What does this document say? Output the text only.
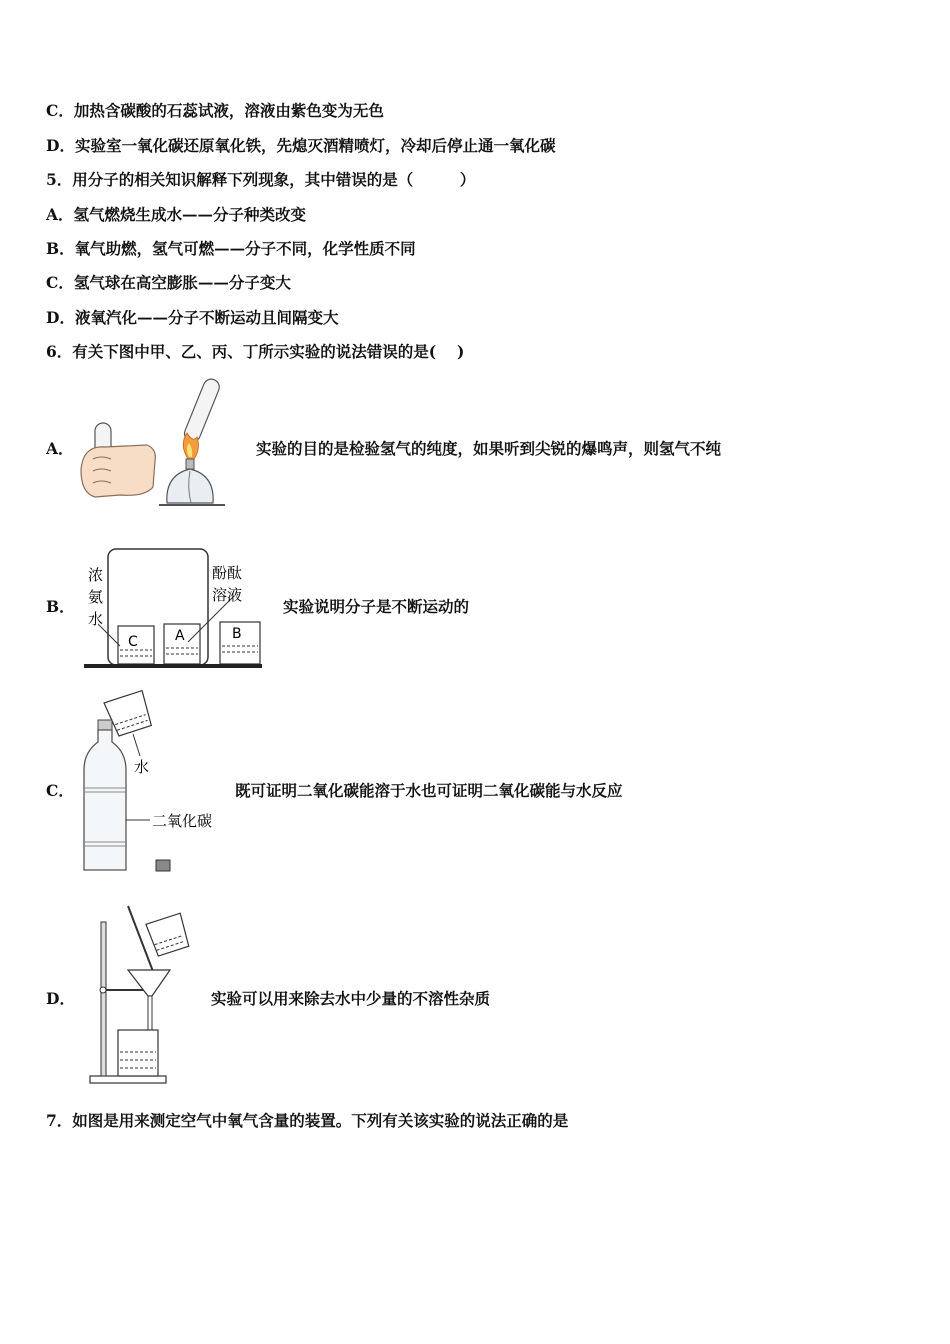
C．加热含碳酸的石蕊试液，溶液由紫色变为无色
D．实验室一氧化碳还原氧化铁，先熄灭酒精喷灯，冷却后停止通一氧化碳
5．用分子的相关知识解释下列现象，其中错误的是（　　　）
A．氢气燃烧生成水——分子种类改变
B．氧气助燃，氢气可燃——分子不同，化学性质不同
C．氢气球在高空膨胀——分子变大
D．液氧汽化——分子不断运动且间隔变大
6．有关下图中甲、乙、丙、丁所示实验的说法错误的是(　 )
A．	实验的目的是检验氢气的纯度，如果听到尖锐的爆鸣声，则氢气不纯
B．
C	A	B
浓
氨
水
酚酞
溶液
实验说明分子是不断运动的
C．
水
二氧化碳
既可证明二氧化碳能溶于水也可证明二氧化碳能与水反应
D．	实验可以用来除去水中少量的不溶性杂质
7．如图是用来测定空气中氧气含量的装置。下列有关该实验的说法正确的是
